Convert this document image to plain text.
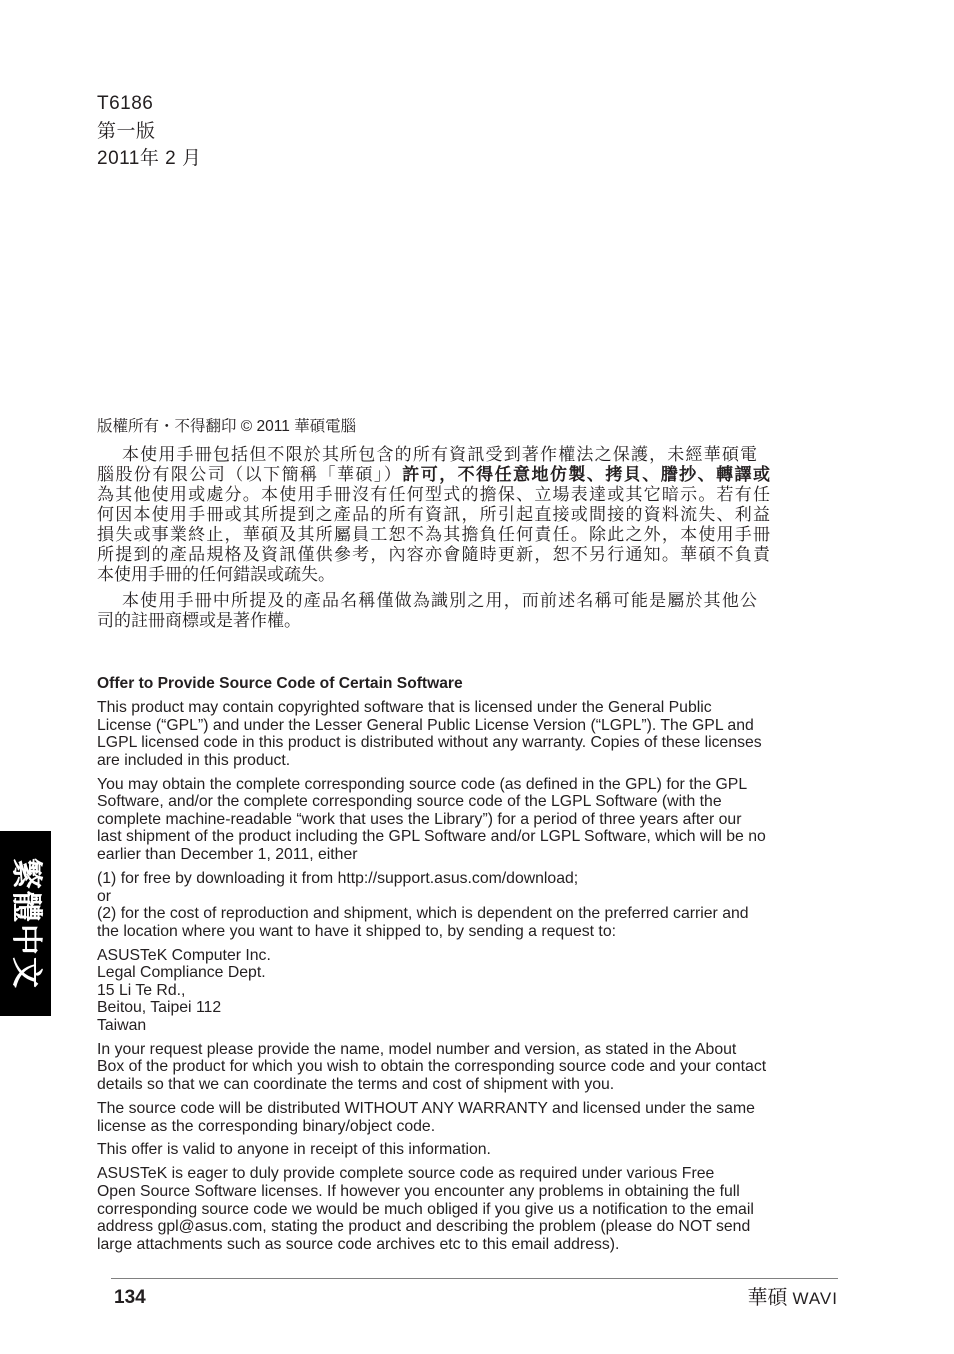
T6186
第一版
2011年 2 月
版權所有・不得翻印 © 2011 華碩電腦
本使用手冊包括但不限於其所包含的所有資訊受到著作權法之保護，未經華碩電
腦股份有限公司（以下簡稱「華碩」）許可，不得任意地仿製、拷貝、謄抄、轉譯或
為其他使用或處分。本使用手冊沒有任何型式的擔保、立場表達或其它暗示。若有任
何因本使用手冊或其所提到之產品的所有資訊，所引起直接或間接的資料流失、利益
損失或事業終止，華碩及其所屬員工恕不為其擔負任何責任。除此之外，本使用手冊
所提到的產品規格及資訊僅供參考，內容亦會隨時更新，恕不另行通知。華碩不負責
本使用手冊的任何錯誤或疏失。
本使用手冊中所提及的產品名稱僅做為識別之用，而前述名稱可能是屬於其他公
司的註冊商標或是著作權。
Offer to Provide Source Code of Certain Software
This product may contain copyrighted software that is licensed under the General Public
License (“GPL”) and under the Lesser General Public License Version (“LGPL”). The GPL and
LGPL licensed code in this product is distributed without any warranty. Copies of these licenses
are included in this product.
You may obtain the complete corresponding source code (as defined in the GPL) for the GPL
Software, and/or the complete corresponding source code of the LGPL Software (with the
complete machine-readable “work that uses the Library”) for a period of three years after our
last shipment of the product including the GPL Software and/or LGPL Software, which will be no
earlier than December 1, 2011, either
(1) for free by downloading it from http://support.asus.com/download;
or
(2) for the cost of reproduction and shipment, which is dependent on the preferred carrier and
the location where you want to have it shipped to, by sending a request to:
ASUSTeK Computer Inc.
Legal Compliance Dept.
15 Li Te Rd.,
Beitou, Taipei 112
Taiwan
In your request please provide the name, model number and version, as stated in the About
Box of the product for which you wish to obtain the corresponding source code and your contact
details so that we can coordinate the terms and cost of shipment with you.
The source code will be distributed WITHOUT ANY WARRANTY and licensed under the same
license as the corresponding binary/object code.
This offer is valid to anyone in receipt of this information.
ASUSTeK is eager to duly provide complete source code as required under various Free
Open Source Software licenses. If however you encounter any problems in obtaining the full
corresponding source code we would be much obliged if you give us a notification to the email
address gpl@asus.com, stating the product and describing the problem (please do NOT send
large attachments such as source code archives etc to this email address).
繁體中文
134	華碩 WAVI
